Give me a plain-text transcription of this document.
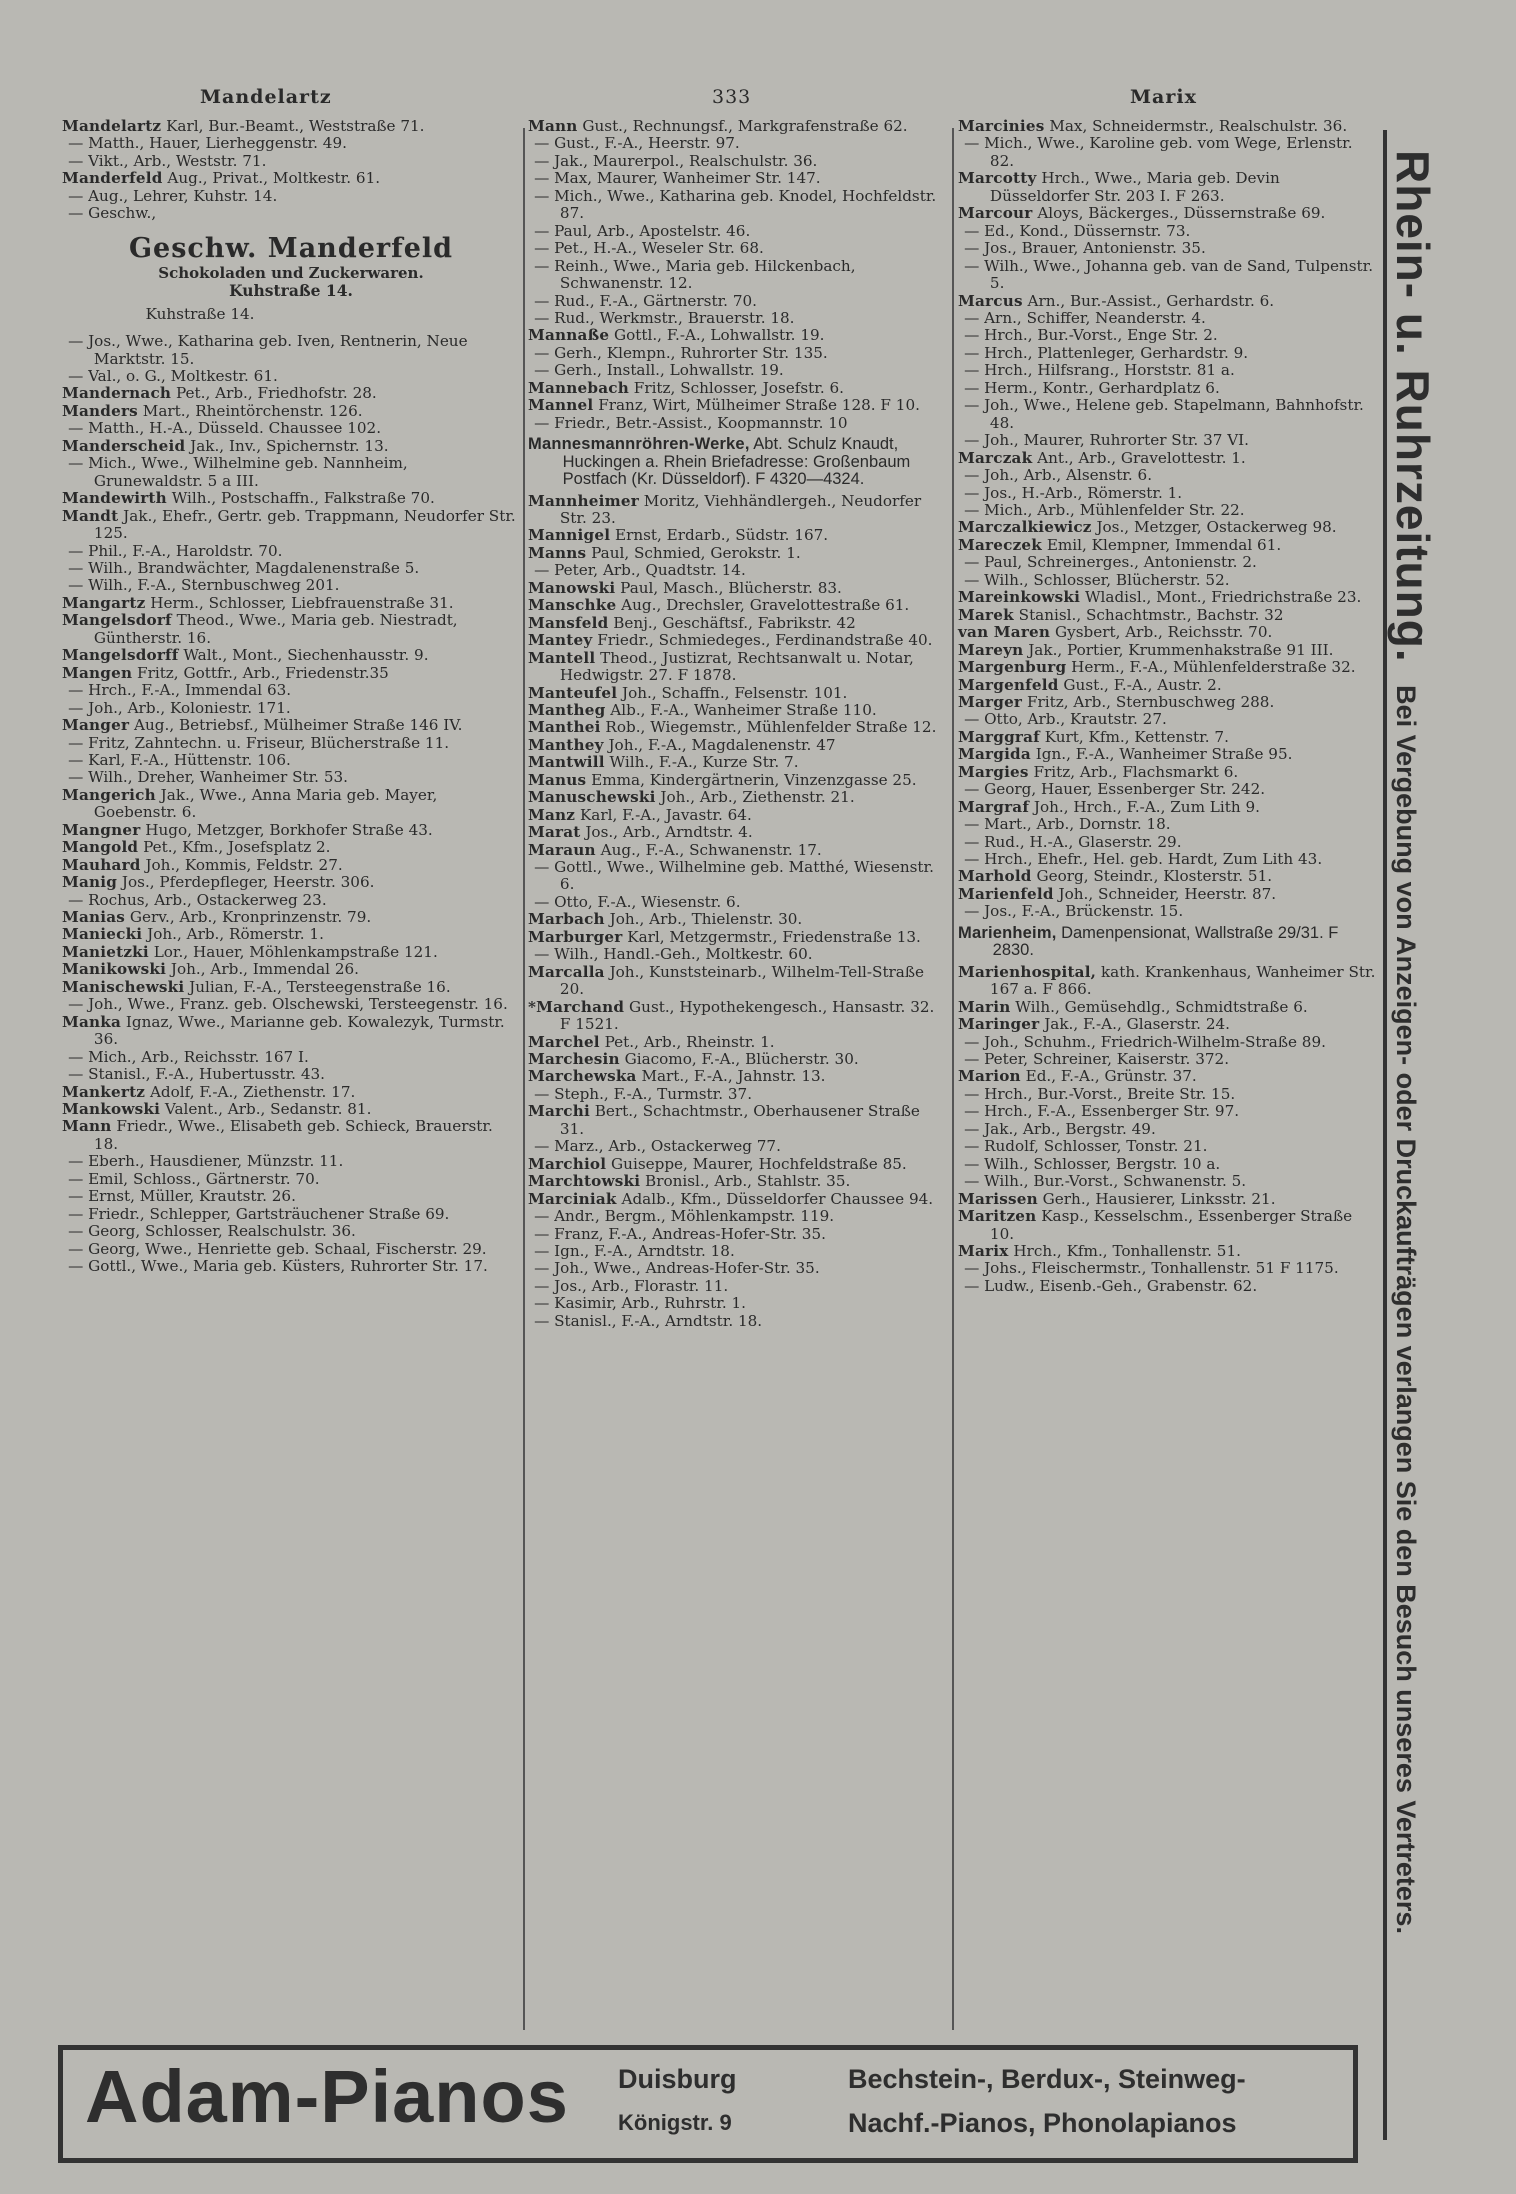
Mandelartz	333	Marix
Mandelartz Karl, Bur.-Beamt., Weststraße 71.
— Matth., Hauer, Lierheggenstr. 49.
— Vikt., Arb., Weststr. 71.
Manderfeld Aug., Privat., Moltkestr. 61.
— Aug., Lehrer, Kuhstr. 14.
— Geschw.,
Geschw. Manderfeld
Schokoladen und Zuckerwaren.
Kuhstraße 14.
Kuhstraße 14.
— Jos., Wwe., Katharina geb. Iven, Rentnerin, Neue Marktstr. 15.
— Val., o. G., Moltkestr. 61.
Mandernach Pet., Arb., Friedhofstr. 28.
Manders Mart., Rheintörchenstr. 126.
— Matth., H.-A., Düsseld. Chaussee 102.
Manderscheid Jak., Inv., Spichernstr. 13.
— Mich., Wwe., Wilhelmine geb. Nannheim, Grunewaldstr. 5 a III.
Mandewirth Wilh., Postschaffn., Falkstraße 70.
Mandt Jak., Ehefr., Gertr. geb. Trappmann, Neudorfer Str. 125.
— Phil., F.-A., Haroldstr. 70.
— Wilh., Brandwächter, Magdalenenstraße 5.
— Wilh., F.-A., Sternbuschweg 201.
Mangartz Herm., Schlosser, Liebfrauenstraße 31.
Mangelsdorf Theod., Wwe., Maria geb. Niestradt, Güntherstr. 16.
Mangelsdorff Walt., Mont., Siechenhausstr. 9.
Mangen Fritz, Gottfr., Arb., Friedenstr.35
— Hrch., F.-A., Immendal 63.
— Joh., Arb., Koloniestr. 171.
Manger Aug., Betriebsf., Mülheimer Straße 146 IV.
— Fritz, Zahntechn. u. Friseur, Blücherstraße 11.
— Karl, F.-A., Hüttenstr. 106.
— Wilh., Dreher, Wanheimer Str. 53.
Mangerich Jak., Wwe., Anna Maria geb. Mayer, Goebenstr. 6.
Mangner Hugo, Metzger, Borkhofer Straße 43.
Mangold Pet., Kfm., Josefsplatz 2.
Mauhard Joh., Kommis, Feldstr. 27.
Manig Jos., Pferdepfleger, Heerstr. 306.
— Rochus, Arb., Ostackerweg 23.
Manias Gerv., Arb., Kronprinzenstr. 79.
Maniecki Joh., Arb., Römerstr. 1.
Manietzki Lor., Hauer, Möhlenkampstraße 121.
Manikowski Joh., Arb., Immendal 26.
Manischewski Julian, F.-A., Tersteegenstraße 16.
— Joh., Wwe., Franz. geb. Olschewski, Tersteegenstr. 16.
Manka Ignaz, Wwe., Marianne geb. Kowalezyk, Turmstr. 36.
— Mich., Arb., Reichsstr. 167 I.
— Stanisl., F.-A., Hubertusstr. 43.
Mankertz Adolf, F.-A., Ziethenstr. 17.
Mankowski Valent., Arb., Sedanstr. 81.
Mann Friedr., Wwe., Elisabeth geb. Schieck, Brauerstr. 18.
— Eberh., Hausdiener, Münzstr. 11.
— Emil, Schloss., Gärtnerstr. 70.
— Ernst, Müller, Krautstr. 26.
— Friedr., Schlepper, Gartsträuchener Straße 69.
— Georg, Schlosser, Realschulstr. 36.
— Georg, Wwe., Henriette geb. Schaal, Fischerstr. 29.
— Gottl., Wwe., Maria geb. Küsters, Ruhrorter Str. 17.
Mann Gust., Rechnungsf., Markgrafenstraße 62.
— Gust., F.-A., Heerstr. 97.
— Jak., Maurerpol., Realschulstr. 36.
— Max, Maurer, Wanheimer Str. 147.
— Mich., Wwe., Katharina geb. Knodel, Hochfeldstr. 87.
— Paul, Arb., Apostelstr. 46.
— Pet., H.-A., Weseler Str. 68.
— Reinh., Wwe., Maria geb. Hilckenbach, Schwanenstr. 12.
— Rud., F.-A., Gärtnerstr. 70.
— Rud., Werkmstr., Brauerstr. 18.
Mannaße Gottl., F.-A., Lohwallstr. 19.
— Gerh., Klempn., Ruhrorter Str. 135.
— Gerh., Install., Lohwallstr. 19.
Mannebach Fritz, Schlosser, Josefstr. 6.
Mannel Franz, Wirt, Mülheimer Straße 128. F 10.
— Friedr., Betr.-Assist., Koopmannstr. 10
Mannesmannröhren-Werke, Abt. Schulz Knaudt, Huckingen a. Rhein Briefadresse: Großenbaum Postfach (Kr. Düsseldorf). F 4320—4324.
Mannheimer Moritz, Viehhändlergeh., Neudorfer Str. 23.
Mannigel Ernst, Erdarb., Südstr. 167.
Manns Paul, Schmied, Gerokstr. 1.
— Peter, Arb., Quadtstr. 14.
Manowski Paul, Masch., Blücherstr. 83.
Manschke Aug., Drechsler, Gravelottestraße 61.
Mansfeld Benj., Geschäftsf., Fabrikstr. 42
Mantey Friedr., Schmiedeges., Ferdinandstraße 40.
Mantell Theod., Justizrat, Rechtsanwalt u. Notar, Hedwigstr. 27. F 1878.
Manteufel Joh., Schaffn., Felsenstr. 101.
Mantheg Alb., F.-A., Wanheimer Straße 110.
Manthei Rob., Wiegemstr., Mühlenfelder Straße 12.
Manthey Joh., F.-A., Magdalenenstr. 47
Mantwill Wilh., F.-A., Kurze Str. 7.
Manus Emma, Kindergärtnerin, Vinzenzgasse 25.
Manuschewski Joh., Arb., Ziethenstr. 21.
Manz Karl, F.-A., Javastr. 64.
Marat Jos., Arb., Arndtstr. 4.
Maraun Aug., F.-A., Schwanenstr. 17.
— Gottl., Wwe., Wilhelmine geb. Matthé, Wiesenstr. 6.
— Otto, F.-A., Wiesenstr. 6.
Marbach Joh., Arb., Thielenstr. 30.
Marburger Karl, Metzgermstr., Friedenstraße 13.
— Wilh., Handl.-Geh., Moltkestr. 60.
Marcalla Joh., Kunststeinarb., Wilhelm-Tell-Straße 20.
*Marchand Gust., Hypothekengesch., Hansastr. 32. F 1521.
Marchel Pet., Arb., Rheinstr. 1.
Marchesin Giacomo, F.-A., Blücherstr. 30.
Marchewska Mart., F.-A., Jahnstr. 13.
— Steph., F.-A., Turmstr. 37.
Marchi Bert., Schachtmstr., Oberhausener Straße 31.
— Marz., Arb., Ostackerweg 77.
Marchiol Guiseppe, Maurer, Hochfeldstraße 85.
Marchtowski Bronisl., Arb., Stahlstr. 35.
Marciniak Adalb., Kfm., Düsseldorfer Chaussee 94.
— Andr., Bergm., Möhlenkampstr. 119.
— Franz, F.-A., Andreas-Hofer-Str. 35.
— Ign., F.-A., Arndtstr. 18.
— Joh., Wwe., Andreas-Hofer-Str. 35.
— Jos., Arb., Florastr. 11.
— Kasimir, Arb., Ruhrstr. 1.
— Stanisl., F.-A., Arndtstr. 18.
Marcinies Max, Schneidermstr., Realschulstr. 36.
— Mich., Wwe., Karoline geb. vom Wege, Erlenstr. 82.
Marcotty Hrch., Wwe., Maria geb. Devin Düsseldorfer Str. 203 I. F 263.
Marcour Aloys, Bäckerges., Düssernstraße 69.
— Ed., Kond., Düssernstr. 73.
— Jos., Brauer, Antonienstr. 35.
— Wilh., Wwe., Johanna geb. van de Sand, Tulpenstr. 5.
Marcus Arn., Bur.-Assist., Gerhardstr. 6.
— Arn., Schiffer, Neanderstr. 4.
— Hrch., Bur.-Vorst., Enge Str. 2.
— Hrch., Plattenleger, Gerhardstr. 9.
— Hrch., Hilfsrang., Horststr. 81 a.
— Herm., Kontr., Gerhardplatz 6.
— Joh., Wwe., Helene geb. Stapelmann, Bahnhofstr. 48.
— Joh., Maurer, Ruhrorter Str. 37 VI.
Marczak Ant., Arb., Gravelottestr. 1.
— Joh., Arb., Alsenstr. 6.
— Jos., H.-Arb., Römerstr. 1.
— Mich., Arb., Mühlenfelder Str. 22.
Marczalkiewicz Jos., Metzger, Ostackerweg 98.
Mareczek Emil, Klempner, Immendal 61.
— Paul, Schreinerges., Antonienstr. 2.
— Wilh., Schlosser, Blücherstr. 52.
Mareinkowski Wladisl., Mont., Friedrichstraße 23.
Marek Stanisl., Schachtmstr., Bachstr. 32
van Maren Gysbert, Arb., Reichsstr. 70.
Mareyn Jak., Portier, Krummenhakstraße 91 III.
Margenburg Herm., F.-A., Mühlenfelderstraße 32.
Margenfeld Gust., F.-A., Austr. 2.
Marger Fritz, Arb., Sternbuschweg 288.
— Otto, Arb., Krautstr. 27.
Marggraf Kurt, Kfm., Kettenstr. 7.
Margida Ign., F.-A., Wanheimer Straße 95.
Margies Fritz, Arb., Flachsmarkt 6.
— Georg, Hauer, Essenberger Str. 242.
Margraf Joh., Hrch., F.-A., Zum Lith 9.
— Mart., Arb., Dornstr. 18.
— Rud., H.-A., Glaserstr. 29.
— Hrch., Ehefr., Hel. geb. Hardt, Zum Lith 43.
Marhold Georg, Steindr., Klosterstr. 51.
Marienfeld Joh., Schneider, Heerstr. 87.
— Jos., F.-A., Brückenstr. 15.
Marienheim, Damenpensionat, Wallstraße 29/31. F 2830.
Marienhospital, kath. Krankenhaus, Wanheimer Str. 167 a. F 866.
Marin Wilh., Gemüsehdlg., Schmidtstraße 6.
Maringer Jak., F.-A., Glaserstr. 24.
— Joh., Schuhm., Friedrich-Wilhelm-Straße 89.
— Peter, Schreiner, Kaiserstr. 372.
Marion Ed., F.-A., Grünstr. 37.
— Hrch., Bur.-Vorst., Breite Str. 15.
— Hrch., F.-A., Essenberger Str. 97.
— Jak., Arb., Bergstr. 49.
— Rudolf, Schlosser, Tonstr. 21.
— Wilh., Schlosser, Bergstr. 10 a.
— Wilh., Bur.-Vorst., Schwanenstr. 5.
Marissen Gerh., Hausierer, Linksstr. 21.
Maritzen Kasp., Kesselschm., Essenberger Straße 10.
Marix Hrch., Kfm., Tonhallenstr. 51.
— Johs., Fleischermstr., Tonhallenstr. 51 F 1175.
— Ludw., Eisenb.-Geh., Grabenstr. 62.
Adam-Pianos Duisburg
Königstr. 9
Bechstein-, Berdux-, Steinweg-
Nachf.-Pianos, Phonolapianos
Rhein- u. Ruhrzeitung. Bei Vergebung von Anzeigen- oder Druckaufträgen verlangen Sie den Besuch unseres Vertreters.
